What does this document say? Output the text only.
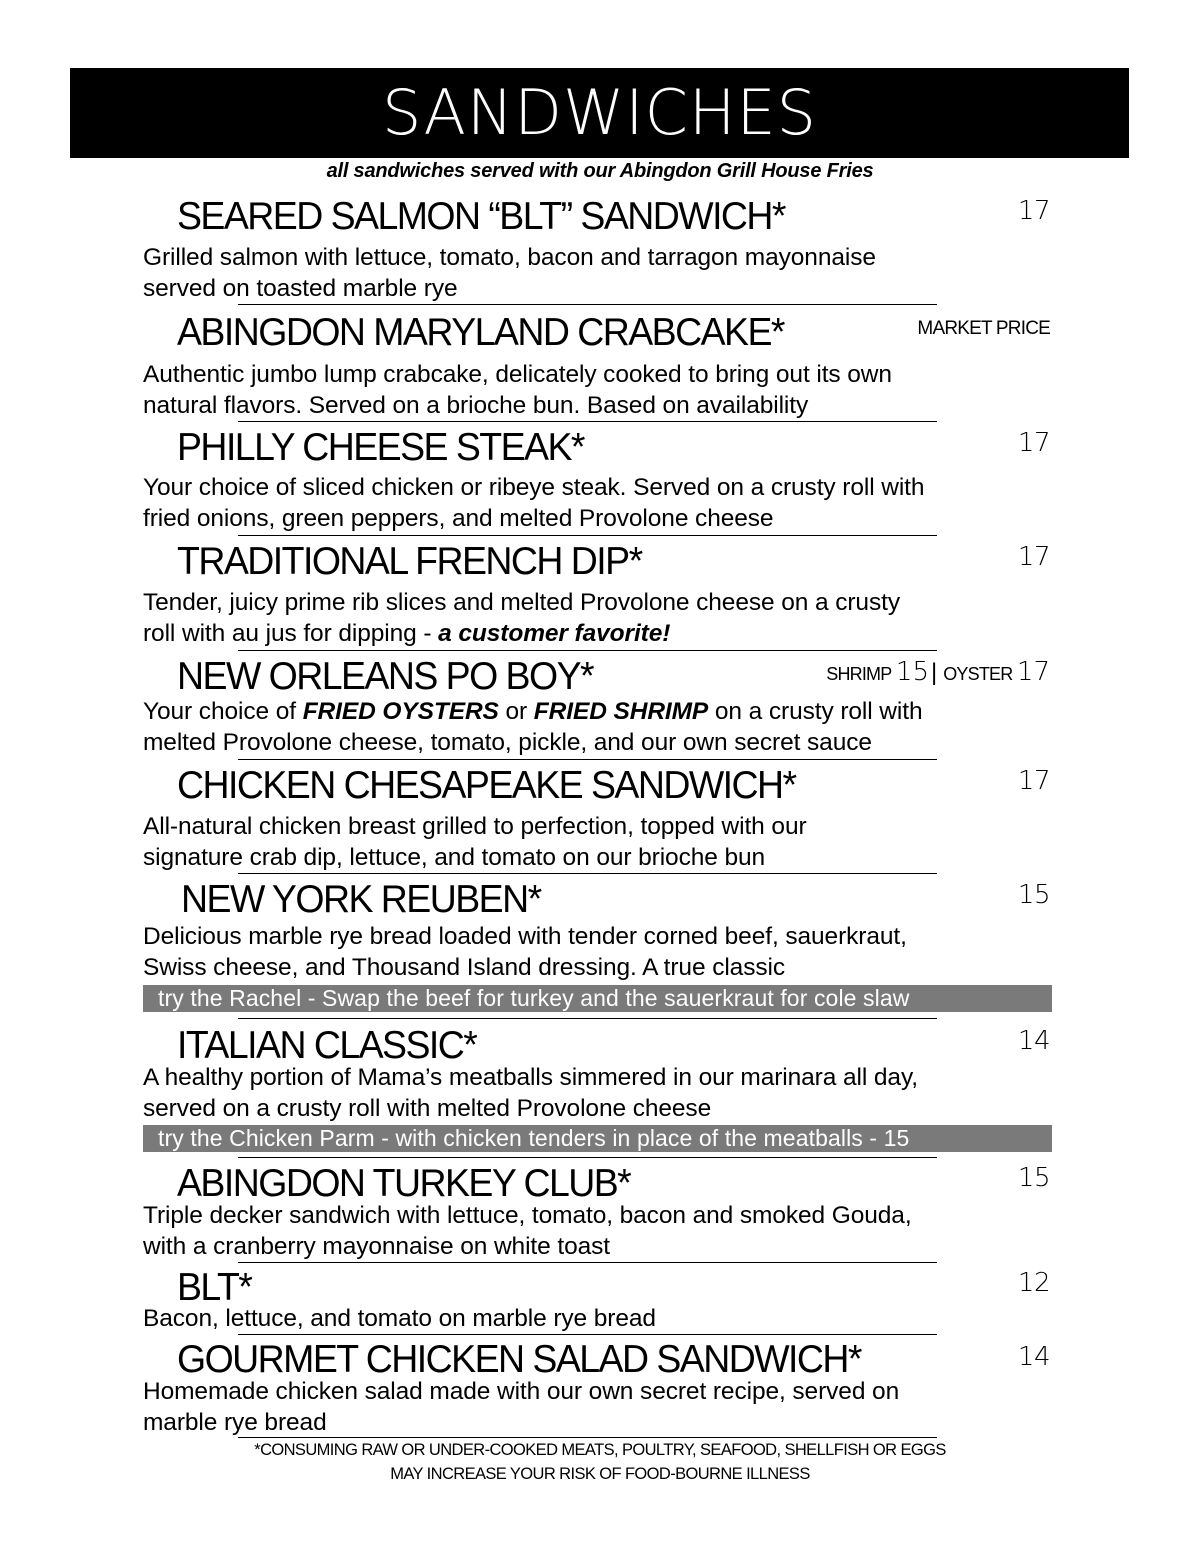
SANDWICHES
all sandwiches served with our Abingdon Grill House Fries
SEARED SALMON “BLT” SANDWICH*	17
Grilled salmon with lettuce, tomato, bacon and tarragon mayonnaise
served on toasted marble rye
ABINGDON MARYLAND CRABCAKE*	MARKET PRICE
Authentic jumbo lump crabcake, delicately cooked to bring out its own
natural flavors. Served on a brioche bun. Based on availability
PHILLY CHEESE STEAK*	17
Your choice of sliced chicken or ribeye steak. Served on a crusty roll with
fried onions, green peppers, and melted Provolone cheese
TRADITIONAL FRENCH DIP*	17
Tender, juicy prime rib slices and melted Provolone cheese on a crusty
roll with au jus for dipping - a customer favorite!
NEW ORLEANS PO BOY*	SHRIMP 15| OYSTER 17
Your choice of FRIED OYSTERS or FRIED SHRIMP on a crusty roll with
melted Provolone cheese, tomato, pickle, and our own secret sauce
CHICKEN CHESAPEAKE SANDWICH*	17
All-natural chicken breast grilled to perfection, topped with our
signature crab dip, lettuce, and tomato on our brioche bun
NEW YORK REUBEN*	15
Delicious marble rye bread loaded with tender corned beef, sauerkraut,
Swiss cheese, and Thousand Island dressing. A true classic
try the Rachel - Swap the beef for turkey and the sauerkraut for cole slaw
ITALIAN CLASSIC*	14
A healthy portion of Mama’s meatballs simmered in our marinara all day,
served on a crusty roll with melted Provolone cheese
try the Chicken Parm - with chicken tenders in place of the meatballs - 15
ABINGDON TURKEY CLUB*	15
Triple decker sandwich with lettuce, tomato, bacon and smoked Gouda,
with a cranberry mayonnaise on white toast
BLT*	12
Bacon, lettuce, and tomato on marble rye bread
GOURMET CHICKEN SALAD SANDWICH*	14
Homemade chicken salad made with our own secret recipe, served on
marble rye bread
*CONSUMING RAW OR UNDER-COOKED MEATS, POULTRY, SEAFOOD, SHELLFISH OR EGGS
MAY INCREASE YOUR RISK OF FOOD-BOURNE ILLNESS
